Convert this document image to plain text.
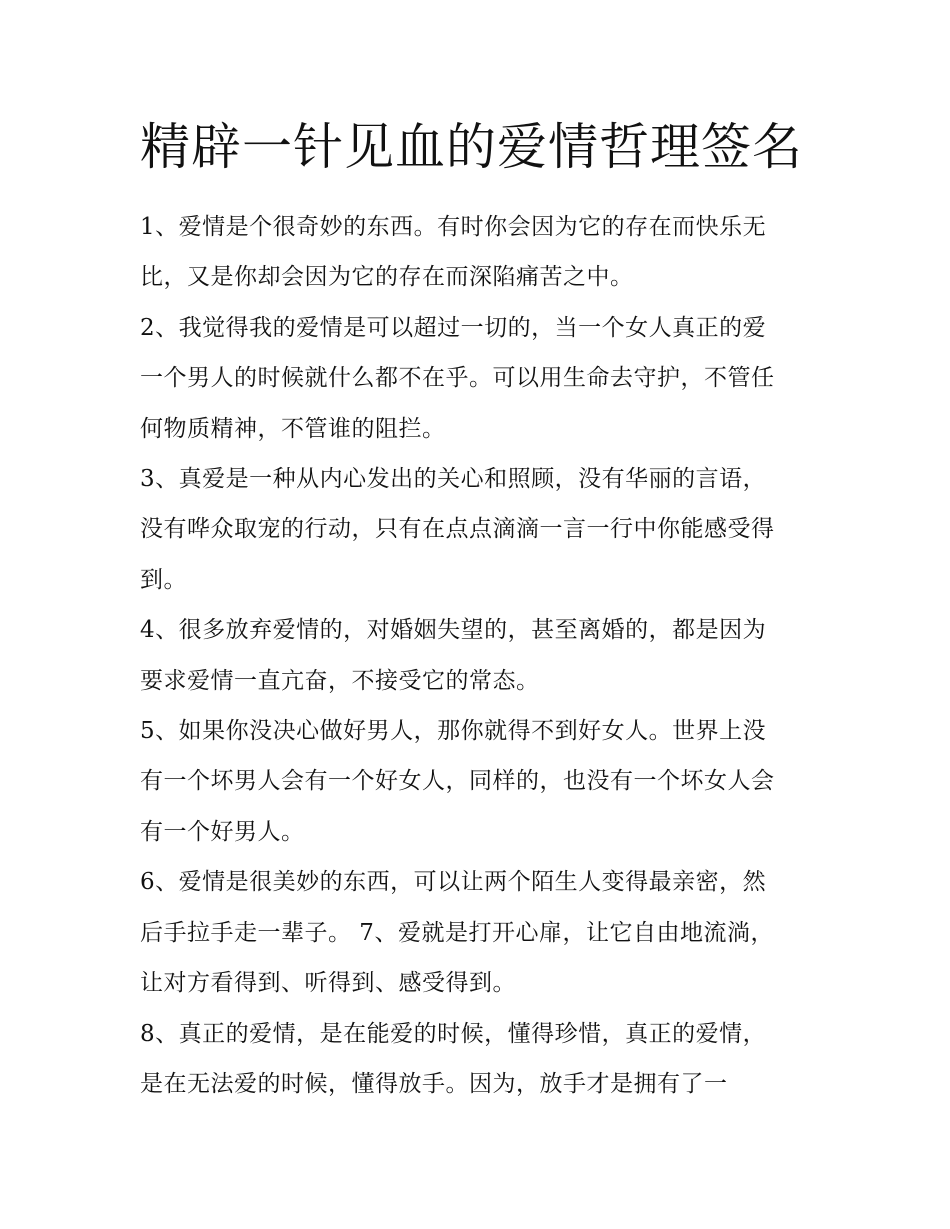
精辟一针见血的爱情哲理签名

1、爱情是个很奇妙的东西。有时你会因为它的存在而快乐无
比，又是你却会因为它的存在而深陷痛苦之中。

2、我觉得我的爱情是可以超过一切的，当一个女人真正的爱
一个男人的时候就什么都不在乎。可以用生命去守护，不管任
何物质精神，不管谁的阻拦。

3、真爱是一种从内心发出的关心和照顾，没有华丽的言语，
没有哗众取宠的行动，只有在点点滴滴一言一行中你能感受得
到。

4、很多放弃爱情的，对婚姻失望的，甚至离婚的，都是因为
要求爱情一直亢奋，不接受它的常态。

5、如果你没决心做好男人，那你就得不到好女人。世界上没
有一个坏男人会有一个好女人，同样的，也没有一个坏女人会
有一个好男人。

6、爱情是很美妙的东西，可以让两个陌生人变得最亲密，然
后手拉手走一辈子。 7、爱就是打开心扉，让它自由地流淌，
让对方看得到、听得到、感受得到。

8、真正的爱情，是在能爱的时候，懂得珍惜，真正的爱情，
是在无法爱的时候，懂得放手。因为，放手才是拥有了一
